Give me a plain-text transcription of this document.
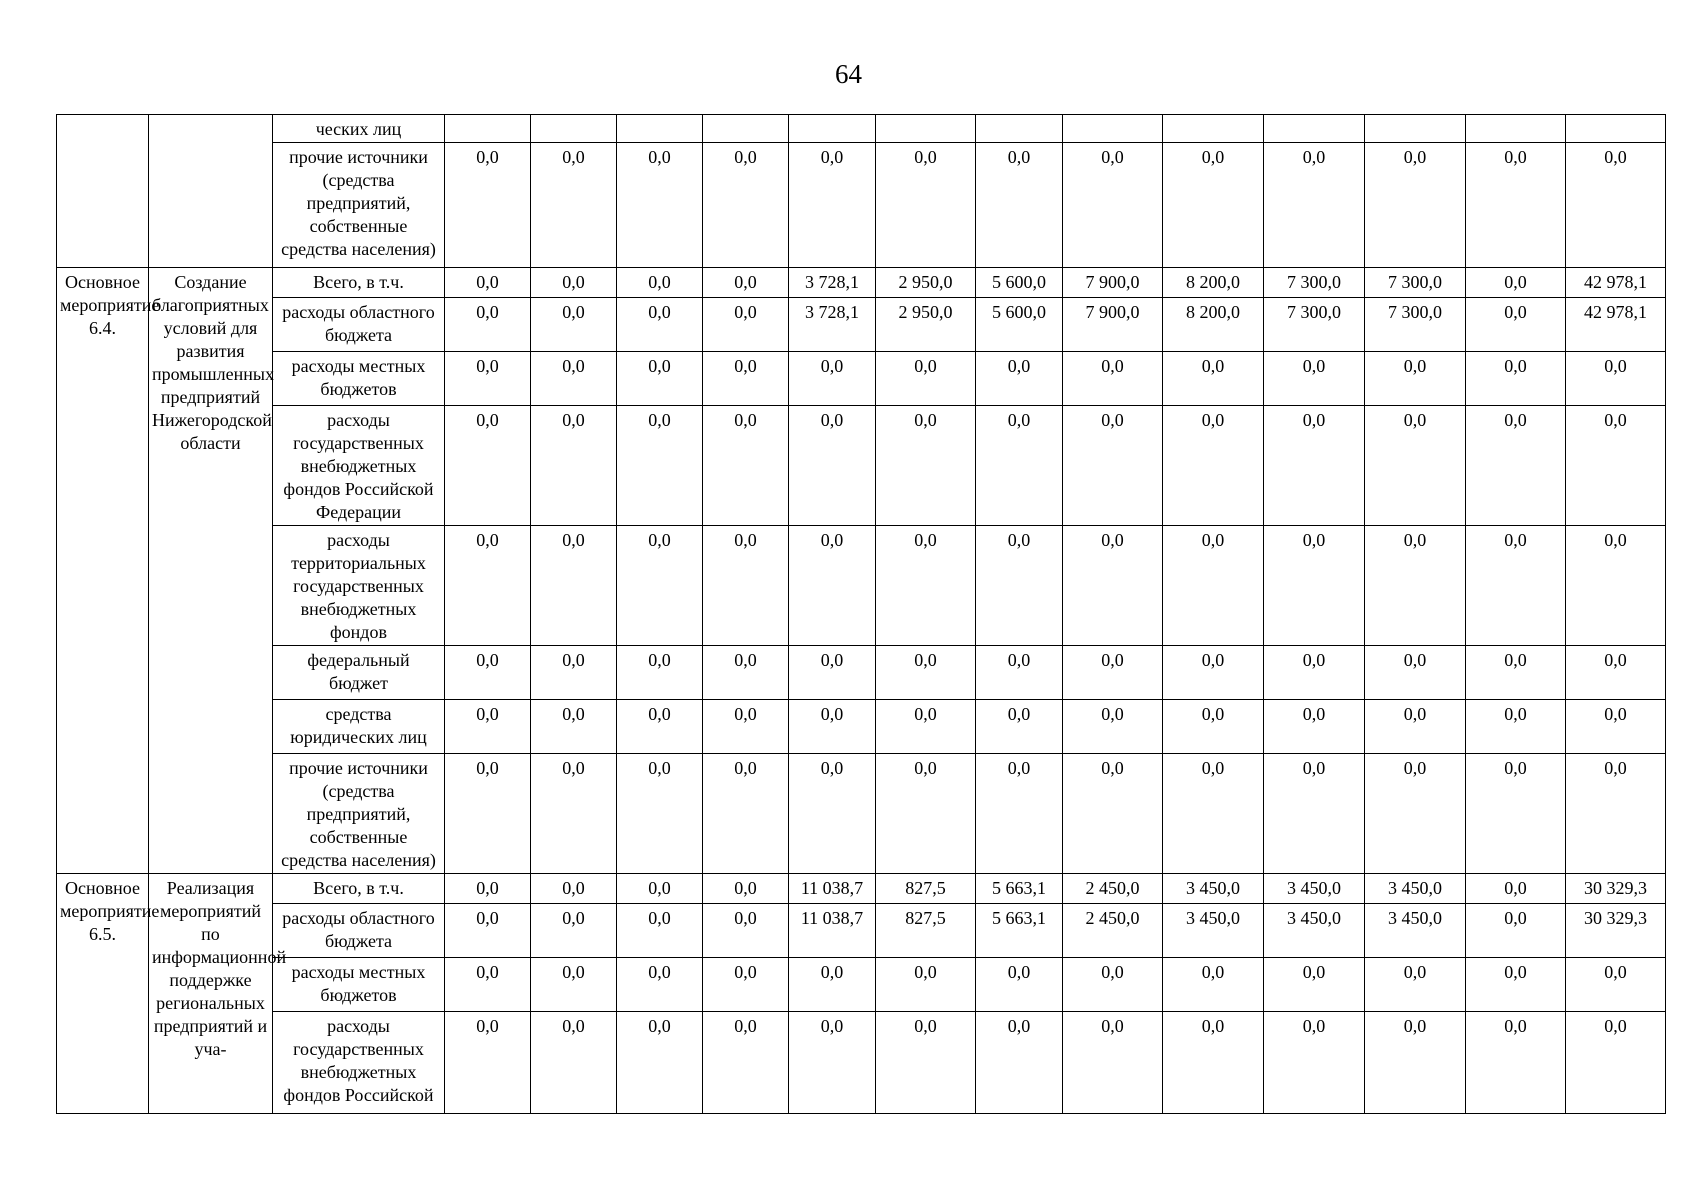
64
		ческих лиц													
		прочие источники (средства предприятий, собственные средства населения)	0,0	0,0	0,0	0,0	0,0	0,0	0,0	0,0	0,0	0,0	0,0	0,0	0,0
Основное мероприятие 6.4.	Создание благоприятных условий для развития промышленных предприятий Нижегородской области	Всего, в т.ч.	0,0	0,0	0,0	0,0	3 728,1	2 950,0	5 600,0	7 900,0	8 200,0	7 300,0	7 300,0	0,0	42 978,1
		расходы областного бюджета	0,0	0,0	0,0	0,0	3 728,1	2 950,0	5 600,0	7 900,0	8 200,0	7 300,0	7 300,0	0,0	42 978,1
		расходы местных бюджетов	0,0	0,0	0,0	0,0	0,0	0,0	0,0	0,0	0,0	0,0	0,0	0,0	0,0
		расходы государственных внебюджетных фондов Российской Федерации	0,0	0,0	0,0	0,0	0,0	0,0	0,0	0,0	0,0	0,0	0,0	0,0	0,0
		расходы территориальных государственных внебюджетных фондов	0,0	0,0	0,0	0,0	0,0	0,0	0,0	0,0	0,0	0,0	0,0	0,0	0,0
		федеральный бюджет	0,0	0,0	0,0	0,0	0,0	0,0	0,0	0,0	0,0	0,0	0,0	0,0	0,0
		средства юридических лиц	0,0	0,0	0,0	0,0	0,0	0,0	0,0	0,0	0,0	0,0	0,0	0,0	0,0
		прочие источники (средства предприятий, собственные средства населения)	0,0	0,0	0,0	0,0	0,0	0,0	0,0	0,0	0,0	0,0	0,0	0,0	0,0
Основное мероприятие 6.5.	Реализация мероприятий по информационной поддержке региональных предприятий и уча-	Всего, в т.ч.	0,0	0,0	0,0	0,0	11 038,7	827,5	5 663,1	2 450,0	3 450,0	3 450,0	3 450,0	0,0	30 329,3
		расходы областного бюджета	0,0	0,0	0,0	0,0	11 038,7	827,5	5 663,1	2 450,0	3 450,0	3 450,0	3 450,0	0,0	30 329,3
		расходы местных бюджетов	0,0	0,0	0,0	0,0	0,0	0,0	0,0	0,0	0,0	0,0	0,0	0,0	0,0
		расходы государственных внебюджетных фондов Российской	0,0	0,0	0,0	0,0	0,0	0,0	0,0	0,0	0,0	0,0	0,0	0,0	0,0
